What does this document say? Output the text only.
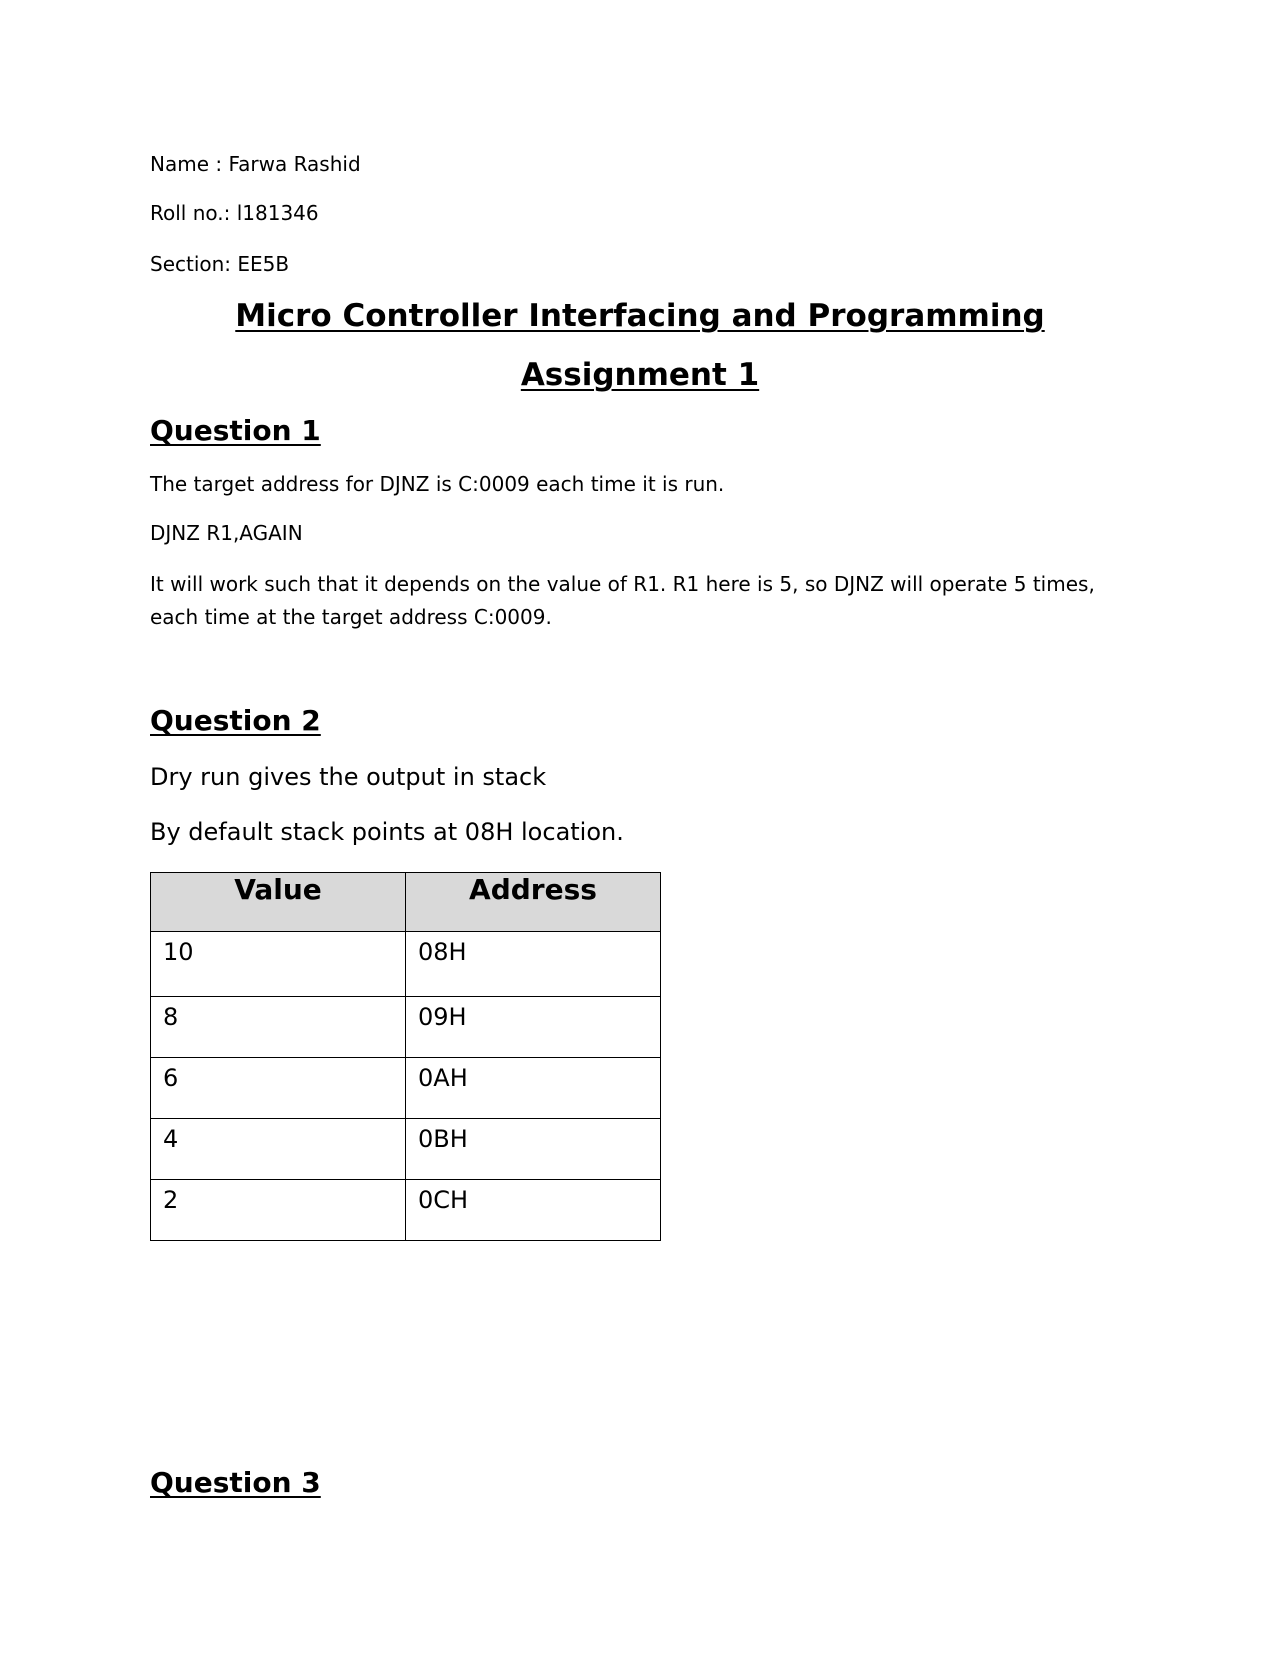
Name : Farwa Rashid
Roll no.: l181346
Section: EE5B
Micro Controller Interfacing and Programming
Assignment 1
Question 1
The target address for DJNZ is C:0009 each time it is run.
DJNZ R1,AGAIN
It will work such that it depends on the value of R1. R1 here is 5, so DJNZ will operate 5 times, each time at the target address C:0009.
Question 2
Dry run gives the output in stack
By default stack points at 08H location.
Value	Address
10	08H
8	09H
6	0AH
4	0BH
2	0CH
Question 3
